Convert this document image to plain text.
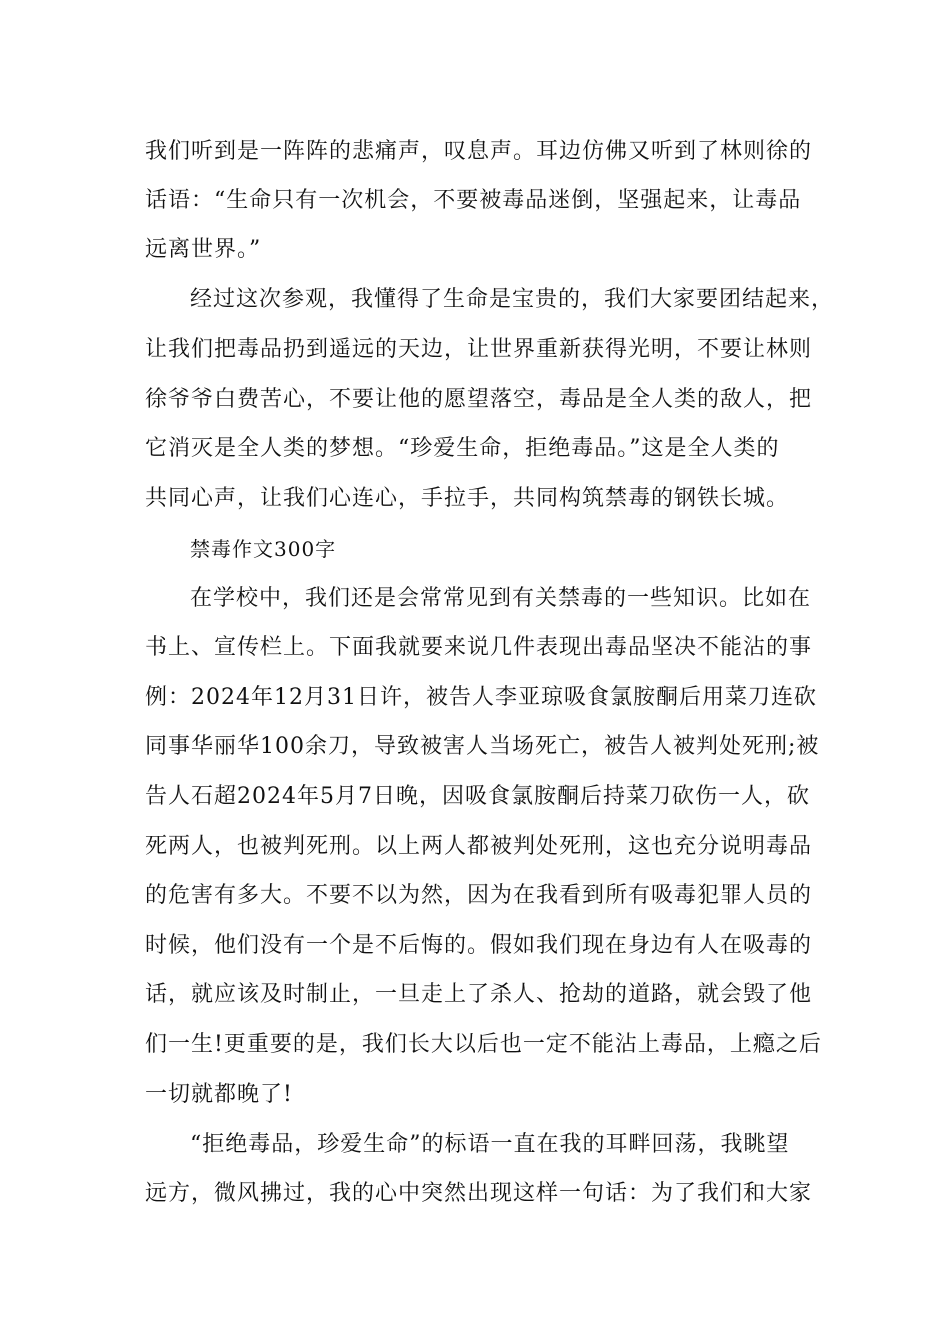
我们听到是一阵阵的悲痛声，叹息声。耳边仿佛又听到了林则徐的
话语：“生命只有一次机会，不要被毒品迷倒，坚强起来，让毒品
远离世界。”
经过这次参观，我懂得了生命是宝贵的，我们大家要团结起来，
让我们把毒品扔到遥远的天边，让世界重新获得光明，不要让林则
徐爷爷白费苦心，不要让他的愿望落空，毒品是全人类的敌人，把
它消灭是全人类的梦想。“珍爱生命，拒绝毒品。”这是全人类的
共同心声，让我们心连心，手拉手，共同构筑禁毒的钢铁长城。
禁毒作文300字
在学校中，我们还是会常常见到有关禁毒的一些知识。比如在
书上、宣传栏上。下面我就要来说几件表现出毒品坚决不能沾的事
例：2024年12月31日许，被告人李亚琼吸食氯胺酮后用菜刀连砍
同事华丽华100余刀，导致被害人当场死亡，被告人被判处死刑;被
告人石超2024年5月7日晚，因吸食氯胺酮后持菜刀砍伤一人，砍
死两人，也被判死刑。以上两人都被判处死刑，这也充分说明毒品
的危害有多大。不要不以为然，因为在我看到所有吸毒犯罪人员的
时候，他们没有一个是不后悔的。假如我们现在身边有人在吸毒的
话，就应该及时制止，一旦走上了杀人、抢劫的道路，就会毁了他
们一生!更重要的是，我们长大以后也一定不能沾上毒品，上瘾之后
一切就都晚了!
“拒绝毒品，珍爱生命”的标语一直在我的耳畔回荡，我眺望
远方，微风拂过，我的心中突然出现这样一句话：为了我们和大家
